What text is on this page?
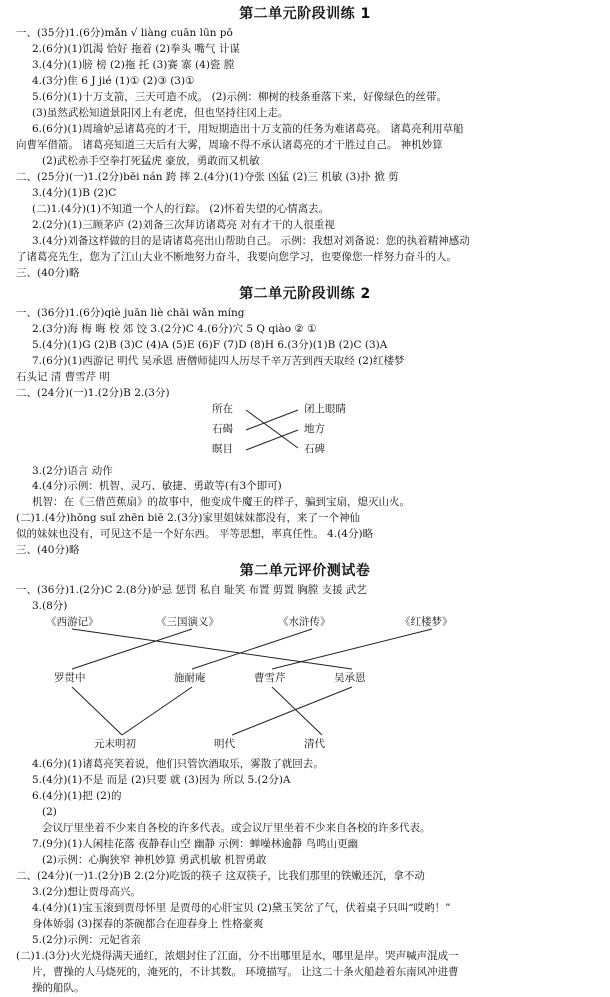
第二单元阶段训练 1
一、(35分)1.(6分)mǎn √ liàng cuān lūn pō
2.(6分)(1)饥渴 恰好 拖着 (2)拳头 嘴气 计谋
3.(4分)(1)膀 榜 (2)拖 托 (3)赛 寨 (4)瓷 膛
4.(3分)隹 6 J jié (1)① (2)③ (3)①
5.(6分)(1)十万支箭，三天可造不成。 (2)示例：柳树的枝条垂落下来，好像绿色的丝带。
(3)虽然武松知道景阳冈上有老虎，但也坚持往冈上走。
6.(6分)(1)周瑜妒忌诸葛亮的才干，用短期造出十万支箭的任务为难诸葛亮。 诸葛亮利用草船
向曹军借箭。 诸葛亮知道三天后有大雾，周瑜不得不承认诸葛亮的才干胜过自己。 神机妙算
(2)武松赤手空拳打死猛虎 豪放，勇敢而又机敏
二、(25分)(一)1.(2分)bēi nán 跨 摔 2.(4分)(1)夺张 凶猛 (2)三 机敏 (3)扑 掀 剪
3.(4分)(1)B (2)C
(二)1.(4分)(1)不知道一个人的行踪。 (2)怀着失望的心情离去。
2.(2分)(1)三顾茅庐 (2)刘备三次拜访诸葛亮 对有才干的人很重视
3.(4分)刘备这样做的目的是请诸葛亮出山帮助自己。 示例：我想对刘备说：您的执着精神感动
了诸葛亮先生，您为了江山大业不断地努力奋斗，我要向您学习，也要像您一样努力奋斗的人。
三、(40分)略
第二单元阶段训练 2
一、(36分)1.(6分)qiè juān liè chāi wǎn míng
2.(3分)海 梅 晦 校 郊 饺 3.(2分)C 4.(6分)穴 5 Q qiào ② ①
5.(4分)(1)G (2)B (3)C (4)A (5)E (6)F (7)D (8)H 6.(3分)(1)B (2)C (3)A
7.(6分)(1)西游记 明代 吴承恩 唐僧师徒四人历尽千辛万苦到西天取经 (2)红楼梦
石头记 清 曹雪芹 明
二、(24分)(一)1.(2分)B 2.(3分)
所在
石碣
瞑目
闭上眼睛
地方
石碑
3.(2分)语言 动作
4.(4分)示例：机智、灵巧、敏捷、勇敢等(有3个即可)
机智：在《三借芭蕉扇》的故事中，他变成牛魔王的样子，骗到宝扇，熄灭山火。
(二)1.(4分)hōng suǐ zhēn biē 2.(3分)家里姐妹妹都没有，来了一个神仙
似的妹妹也没有，可见这不是一个好东西。 平等思想，率真任性。 4.(4分)略
三、(40分)略
第二单元评价测试卷
一、(36分)1.(2分)C 2.(8分)妒忌 惩罚 私自 耻笑 布置 剪置 胸膛 支援 武艺
3.(8分)
《西游记》	《三国演义》	《水浒传》	《红楼梦》
罗贯中	施耐庵	曹雪芹	吴承恩
元末明初	明代	清代
4.(6分)(1)诸葛亮笑着说，他们只管饮酒取乐，雾散了就回去。
5.(4分)(1)不是 而是 (2)只要 就 (3)因为 所以 5.(2分)A
6.(4分)(1)把 (2)的
(2)
会议厅里坐着不少来自各校的许多代表。或会议厅里坐着不少来自各校的许多代表。
7.(9分)(1)人闲桂花落 夜静春山空 幽静 示例：蝉噪林逾静 鸟鸣山更幽
(2)示例：心胸狭窄 神机妙算 勇武机敏 机智勇敢
二、(24分)(一)1.(2分)B 2.(2分)吃饭的筷子 这双筷子，比我们那里的铁嫩还沉，拿不动
3.(2分)想让贾母高兴。
4.(4分)(1)宝玉滚到贾母怀里 是贾母的心肝宝贝 (2)黛玉笑岔了气，伏着桌子只叫“哎哟！”
身体娇弱 (3)探春的茶碗都合在迎春身上 性格豪爽
5.(2分)示例：元妃省亲
(二)1.(3分)火光烧得满天通红，浓烟封住了江面，分不出哪里是水，哪里是岸。哭声喊声混成一
片，曹操的人马烧死的，淹死的，不计其数。 环境描写。 让这二十条火船趁着东南风冲进曹
操的船队。
